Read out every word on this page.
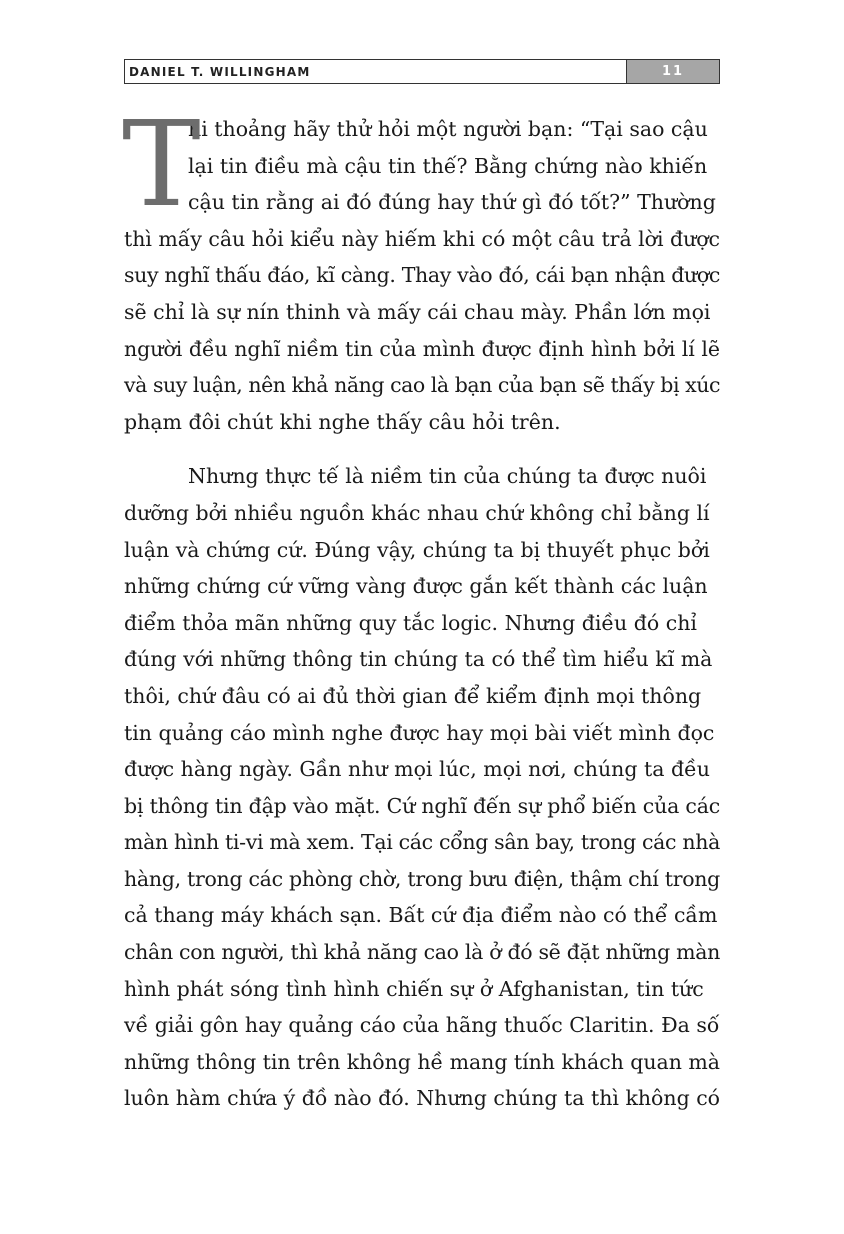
DANIEL T. WILLINGHAM	11
T
hi thoảng hãy thử hỏi một người bạn: “Tại sao cậu
lại tin điều mà cậu tin thế? Bằng chứng nào khiến
cậu tin rằng ai đó đúng hay thứ gì đó tốt?” Thường
thì mấy câu hỏi kiểu này hiếm khi có một câu trả lời được
suy nghĩ thấu đáo, kĩ càng. Thay vào đó, cái bạn nhận được
sẽ chỉ là sự nín thinh và mấy cái chau mày. Phần lớn mọi
người đều nghĩ niềm tin của mình được định hình bởi lí lẽ
và suy luận, nên khả năng cao là bạn của bạn sẽ thấy bị xúc
phạm đôi chút khi nghe thấy câu hỏi trên.
Nhưng thực tế là niềm tin của chúng ta được nuôi
dưỡng bởi nhiều nguồn khác nhau chứ không chỉ bằng lí
luận và chứng cứ. Đúng vậy, chúng ta bị thuyết phục bởi
những chứng cứ vững vàng được gắn kết thành các luận
điểm thỏa mãn những quy tắc logic. Nhưng điều đó chỉ
đúng với những thông tin chúng ta có thể tìm hiểu kĩ mà
thôi, chứ đâu có ai đủ thời gian để kiểm định mọi thông
tin quảng cáo mình nghe được hay mọi bài viết mình đọc
được hàng ngày. Gần như mọi lúc, mọi nơi, chúng ta đều
bị thông tin đập vào mặt. Cứ nghĩ đến sự phổ biến của các
màn hình ti-vi mà xem. Tại các cổng sân bay, trong các nhà
hàng, trong các phòng chờ, trong bưu điện, thậm chí trong
cả thang máy khách sạn. Bất cứ địa điểm nào có thể cầm
chân con người, thì khả năng cao là ở đó sẽ đặt những màn
hình phát sóng tình hình chiến sự ở Afghanistan, tin tức
về giải gôn hay quảng cáo của hãng thuốc Claritin. Đa số
những thông tin trên không hề mang tính khách quan mà
luôn hàm chứa ý đồ nào đó. Nhưng chúng ta thì không có
